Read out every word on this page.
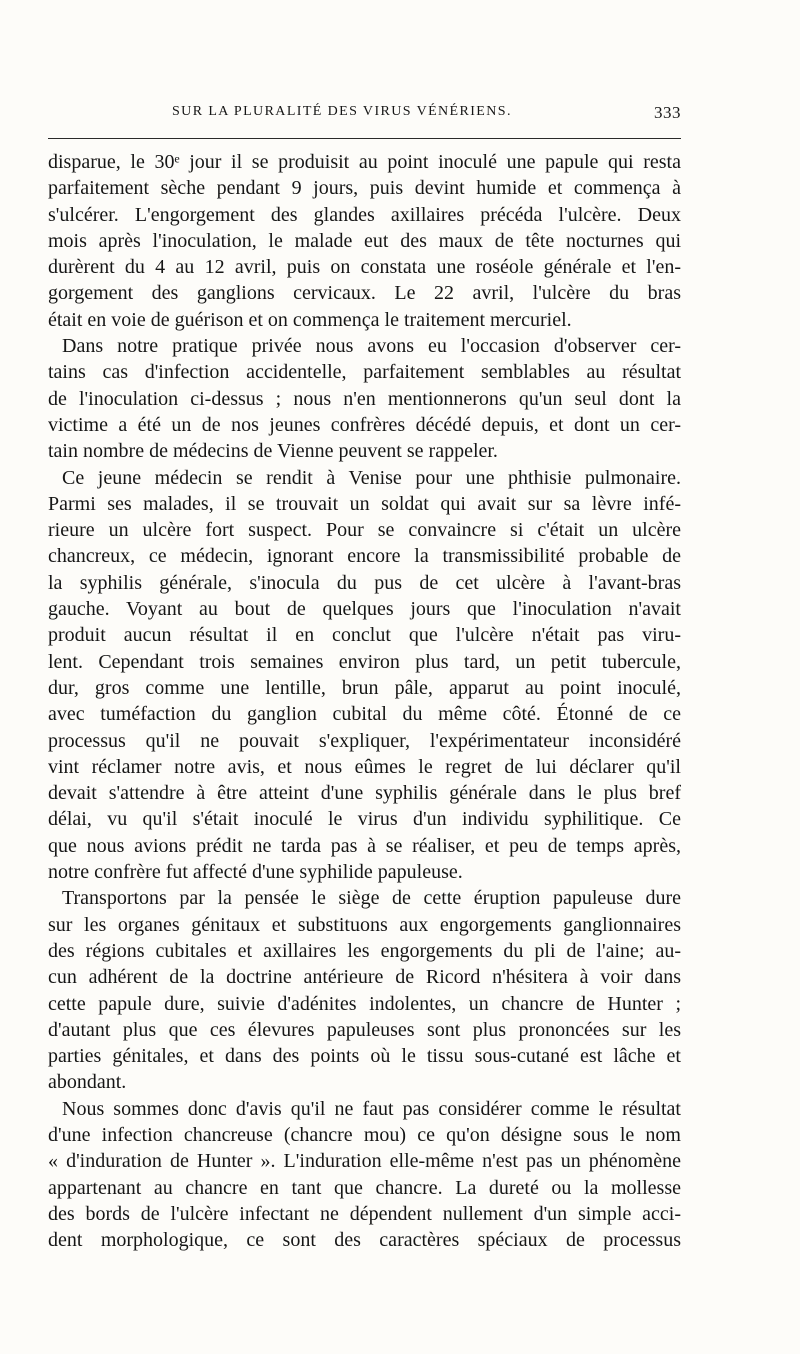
SUR LA PLURALITÉ DES VIRUS VÉNÉRIENS.	333
disparue, le 30ᵉ jour il se produisit au point inoculé une papule qui resta
parfaitement sèche pendant 9 jours, puis devint humide et commença à
s'ulcérer. L'engorgement des glandes axillaires précéda l'ulcère. Deux
mois après l'inoculation, le malade eut des maux de tête nocturnes qui
durèrent du 4 au 12 avril, puis on constata une roséole générale et l'en-
gorgement des ganglions cervicaux. Le 22 avril, l'ulcère du bras
était en voie de guérison et on commença le traitement mercuriel.
Dans notre pratique privée nous avons eu l'occasion d'observer cer-
tains cas d'infection accidentelle, parfaitement semblables au résultat
de l'inoculation ci-dessus ; nous n'en mentionnerons qu'un seul dont la
victime a été un de nos jeunes confrères décédé depuis, et dont un cer-
tain nombre de médecins de Vienne peuvent se rappeler.
Ce jeune médecin se rendit à Venise pour une phthisie pulmonaire.
Parmi ses malades, il se trouvait un soldat qui avait sur sa lèvre infé-
rieure un ulcère fort suspect. Pour se convaincre si c'était un ulcère
chancreux, ce médecin, ignorant encore la transmissibilité probable de
la syphilis générale, s'inocula du pus de cet ulcère à l'avant-bras
gauche. Voyant au bout de quelques jours que l'inoculation n'avait
produit aucun résultat il en conclut que l'ulcère n'était pas viru-
lent. Cependant trois semaines environ plus tard, un petit tubercule,
dur, gros comme une lentille, brun pâle, apparut au point inoculé,
avec tuméfaction du ganglion cubital du même côté. Étonné de ce
processus qu'il ne pouvait s'expliquer, l'expérimentateur inconsidéré
vint réclamer notre avis, et nous eûmes le regret de lui déclarer qu'il
devait s'attendre à être atteint d'une syphilis générale dans le plus bref
délai, vu qu'il s'était inoculé le virus d'un individu syphilitique. Ce
que nous avions prédit ne tarda pas à se réaliser, et peu de temps après,
notre confrère fut affecté d'une syphilide papuleuse.
Transportons par la pensée le siège de cette éruption papuleuse dure
sur les organes génitaux et substituons aux engorgements ganglionnaires
des régions cubitales et axillaires les engorgements du pli de l'aine; au-
cun adhérent de la doctrine antérieure de Ricord n'hésitera à voir dans
cette papule dure, suivie d'adénites indolentes, un chancre de Hunter ;
d'autant plus que ces élevures papuleuses sont plus prononcées sur les
parties génitales, et dans des points où le tissu sous-cutané est lâche et
abondant.
Nous sommes donc d'avis qu'il ne faut pas considérer comme le résultat
d'une infection chancreuse (chancre mou) ce qu'on désigne sous le nom
« d'induration de Hunter ». L'induration elle-même n'est pas un phénomène
appartenant au chancre en tant que chancre. La dureté ou la mollesse
des bords de l'ulcère infectant ne dépendent nullement d'un simple acci-
dent morphologique, ce sont des caractères spéciaux de processus
